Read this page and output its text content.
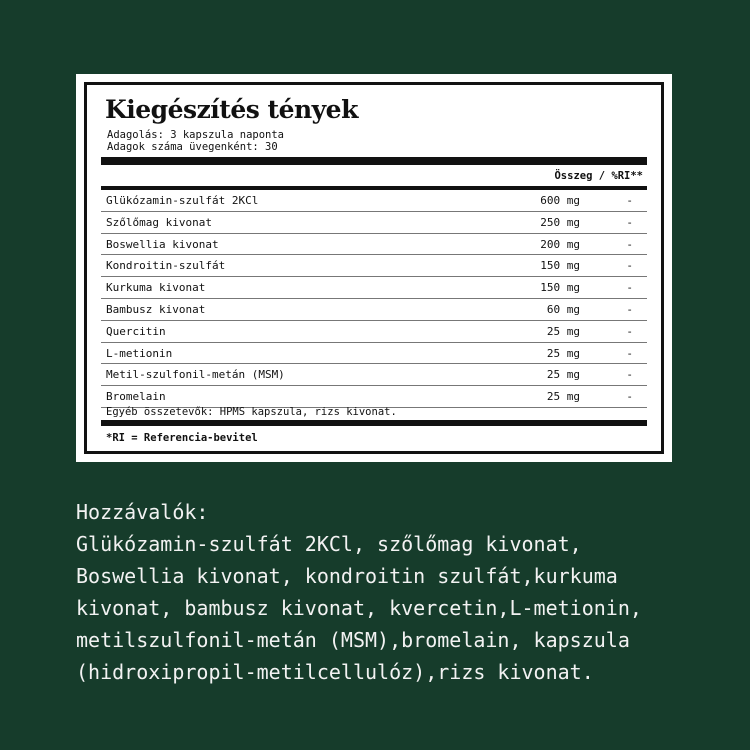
Kiegészítés tények
Adagolás: 3 kapszula naponta
Adagok száma üvegenként: 30
Összeg / %RI**
Glükózamin-szulfát 2KCl	600 mg	-
Szőlőmag kivonat	250 mg	-
Boswellia kivonat	200 mg	-
Kondroitin-szulfát	150 mg	-
Kurkuma kivonat	150 mg	-
Bambusz kivonat	60 mg	-
Quercitin	25 mg	-
L-metionin	25 mg	-
Metil-szulfonil-metán (MSM)	25 mg	-
Bromelain	25 mg	-
Egyéb összetevők: HPMS kapszula, rizs kivonat.
*RI = Referencia-bevitel
Hozzávalók:
Glükózamin-szulfát 2KCl, szőlőmag kivonat,
Boswellia kivonat, kondroitin szulfát,kurkuma
kivonat, bambusz kivonat, kvercetin,L-metionin,
metilszulfonil-metán (MSM),bromelain, kapszula
(hidroxipropil-metilcellulóz),rizs kivonat.
